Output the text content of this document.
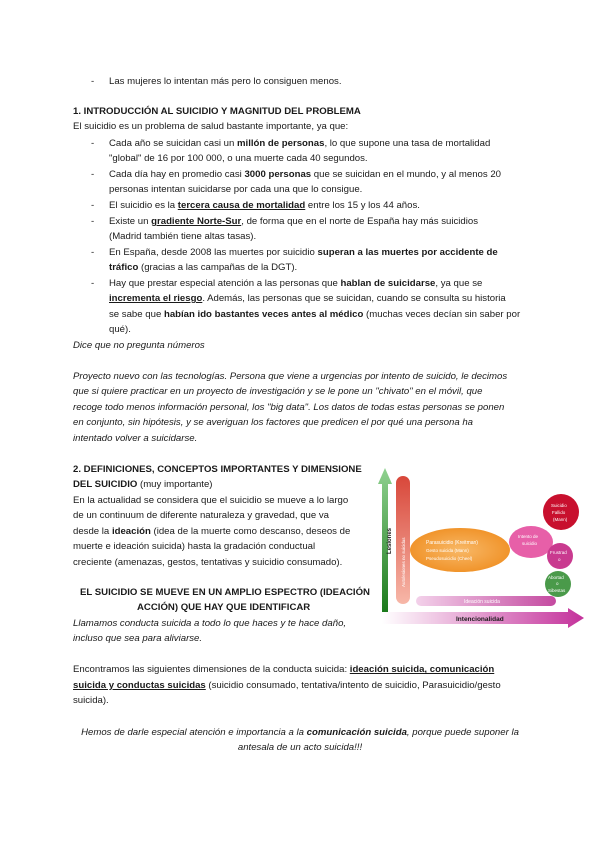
- Las mujeres lo intentan más pero lo consiguen menos.
1. INTRODUCCIÓN AL SUICIDIO Y MAGNITUD DEL PROBLEMA
El suicidio es un problema de salud bastante importante, ya que:
- Cada año se suicidan casi un millón de personas, lo que supone una tasa de mortalidad
"global" de 16 por 100 000, o una muerte cada 40 segundos.
- Cada día hay en promedio casi 3000 personas que se suicidan en el mundo, y al menos 20
personas intentan suicidarse por cada una que lo consigue.
- El suicidio es la tercera causa de mortalidad entre los 15 y los 44 años.
- Existe un gradiente Norte-Sur, de forma que en el norte de España hay más suicidios
(Madrid también tiene altas tasas).
- En España, desde 2008 las muertes por suicidio superan a las muertes por accidente de
tráfico (gracias a las campañas de la DGT).
- Hay que prestar especial atención a las personas que hablan de suicidarse, ya que se
incrementa el riesgo. Además, las personas que se suicidan, cuando se consulta su historia
se sabe que habían ido bastantes veces antes al médico (muchas veces decían sin saber por
qué).
Dice que no pregunta números
Proyecto nuevo con las tecnologías. Persona que viene a urgencias por intento de suicido, le decimos
que si quiere practicar en un proyecto de investigación y se le pone un "chivato" en el móvil, que
recoge todo menos información personal, los "big data". Los datos de todas estas personas se ponen
en conjunto, sin hipótesis, y se averiguan los factores que predicen el por qué una persona ha
intentado volver a suicidarse.
2. DEFINICIONES, CONCEPTOS IMPORTANTES Y DIMENSIONE
DEL SUICIDIO (muy importante)
En la actualidad se considera que el suicidio se mueve a lo largo
de un continuum de diferente naturaleza y gravedad, que va
desde la ideación (idea de la muerte como descanso, deseos de
muerte e ideación suicida) hasta la gradación conductual
creciente (amenazas, gestos, tentativas y suicidio consumado).
EL SUICIDIO SE MUEVE EN UN AMPLIO ESPECTRO (IDEACIÓN
ACCIÓN) QUE HAY QUE IDENTIFICAR
Llamamos conducta suicida a todo lo que haces y te hace daño,
incluso que sea para aliviarse.
Encontramos las siguientes dimensiones de la conducta suicida: ideación suicida, comunicación
suicida y conductas suicidas (suicidio consumado, tentativa/intento de suicidio, Parasuicidio/gesto
suicida).
Hemos de darle especial atención e importancia a la comunicación suicida, porque puede suponer la
antesala de un acto suicida!!!
Lesiones
Intencionalidad
Autolesiones no suicidas
Ideación suicida
Parasuicidio (Kreitman)
Gesto suicida (Mann)
Pseudosuicidio (Cheel)
Intento de
suicidio
Suicidio
Fallido
(Mann)
Frustrad
o
Abortad
o
Sibestas
